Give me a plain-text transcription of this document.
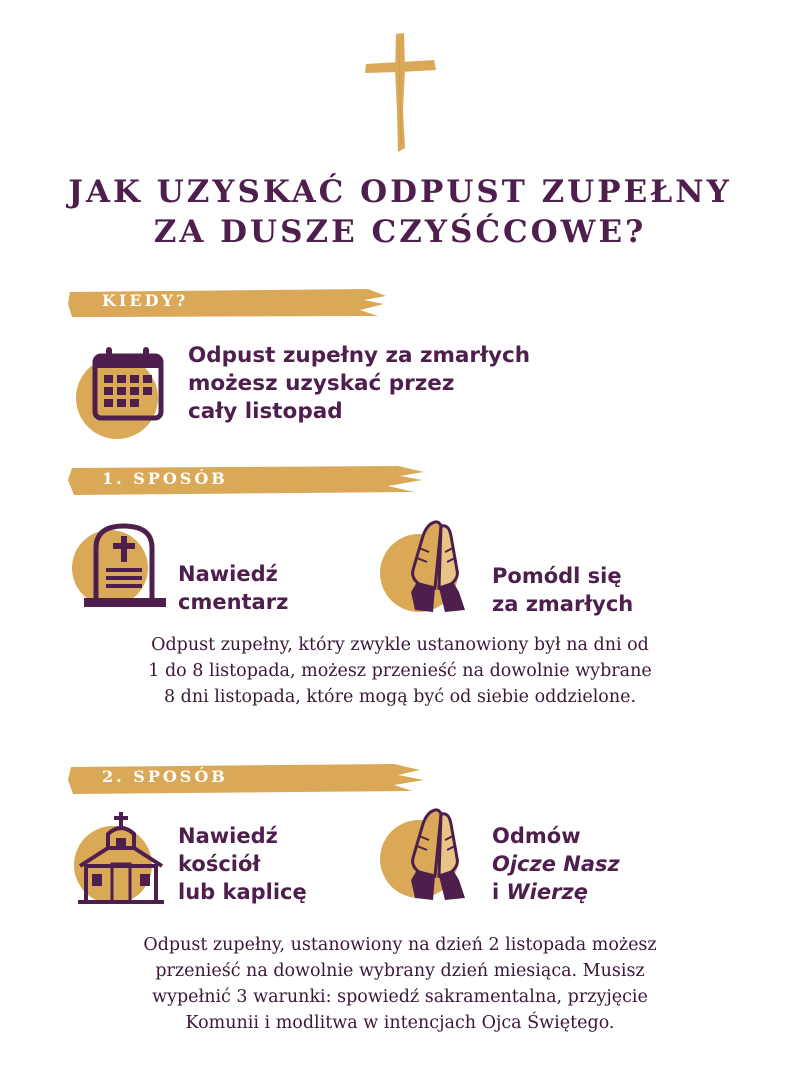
JAK UZYSKAĆ ODPUST ZUPEŁNY
ZA DUSZE CZYŚĆCOWE?
KIEDY?
Odpust zupełny za zmarłych
możesz uzyskać przez
cały listopad
1. SPOSÓB
Nawiedź
cmentarz
Pomódl się
za zmarłych
Odpust zupełny, który zwykle ustanowiony był na dni od
1 do 8 listopada, możesz przenieść na dowolnie wybrane
8 dni listopada, które mogą być od siebie oddzielone.
2. SPOSÓB
Nawiedź
kościół
lub kaplicę
Odmów
Ojcze Nasz
i Wierzę
Odpust zupełny, ustanowiony na dzień 2 listopada możesz
przenieść na dowolnie wybrany dzień miesiąca. Musisz
wypełnić 3 warunki: spowiedź sakramentalna, przyjęcie
Komunii i modlitwa w intencjach Ojca Świętego.
